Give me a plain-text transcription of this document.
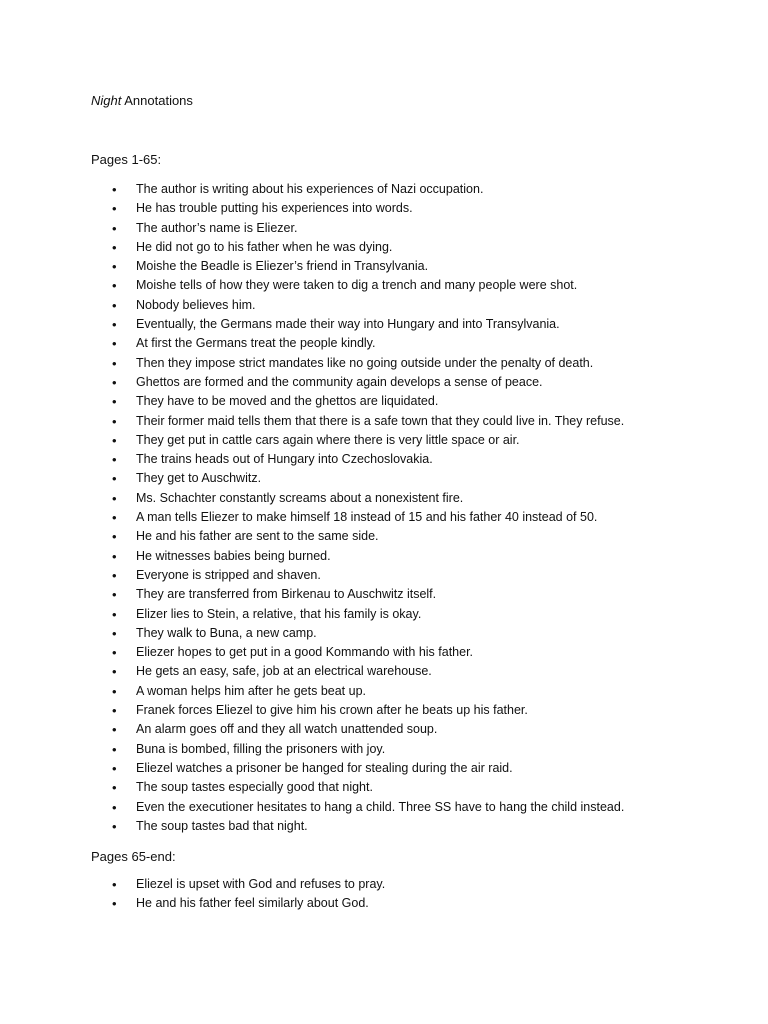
Night Annotations
Pages 1-65:
• The author is writing about his experiences of Nazi occupation.
• He has trouble putting his experiences into words.
• The author’s name is Eliezer.
• He did not go to his father when he was dying.
• Moishe the Beadle is Eliezer’s friend in Transylvania.
• Moishe tells of how they were taken to dig a trench and many people were shot.
• Nobody believes him.
• Eventually, the Germans made their way into Hungary and into Transylvania.
• At first the Germans treat the people kindly.
• Then they impose strict mandates like no going outside under the penalty of death.
• Ghettos are formed and the community again develops a sense of peace.
• They have to be moved and the ghettos are liquidated.
• Their former maid tells them that there is a safe town that they could live in. They refuse.
• They get put in cattle cars again where there is very little space or air.
• The trains heads out of Hungary into Czechoslovakia.
• They get to Auschwitz.
• Ms. Schachter constantly screams about a nonexistent fire.
• A man tells Eliezer to make himself 18 instead of 15 and his father 40 instead of 50.
• He and his father are sent to the same side.
• He witnesses babies being burned.
• Everyone is stripped and shaven.
• They are transferred from Birkenau to Auschwitz itself.
• Elizer lies to Stein, a relative, that his family is okay.
• They walk to Buna, a new camp.
• Eliezer hopes to get put in a good Kommando with his father.
• He gets an easy, safe, job at an electrical warehouse.
• A woman helps him after he gets beat up.
• Franek forces Eliezel to give him his crown after he beats up his father.
• An alarm goes off and they all watch unattended soup.
• Buna is bombed, filling the prisoners with joy.
• Eliezel watches a prisoner be hanged for stealing during the air raid.
• The soup tastes especially good that night.
• Even the executioner hesitates to hang a child. Three SS have to hang the child instead.
• The soup tastes bad that night.
Pages 65-end:
• Eliezel is upset with God and refuses to pray.
• He and his father feel similarly about God.
